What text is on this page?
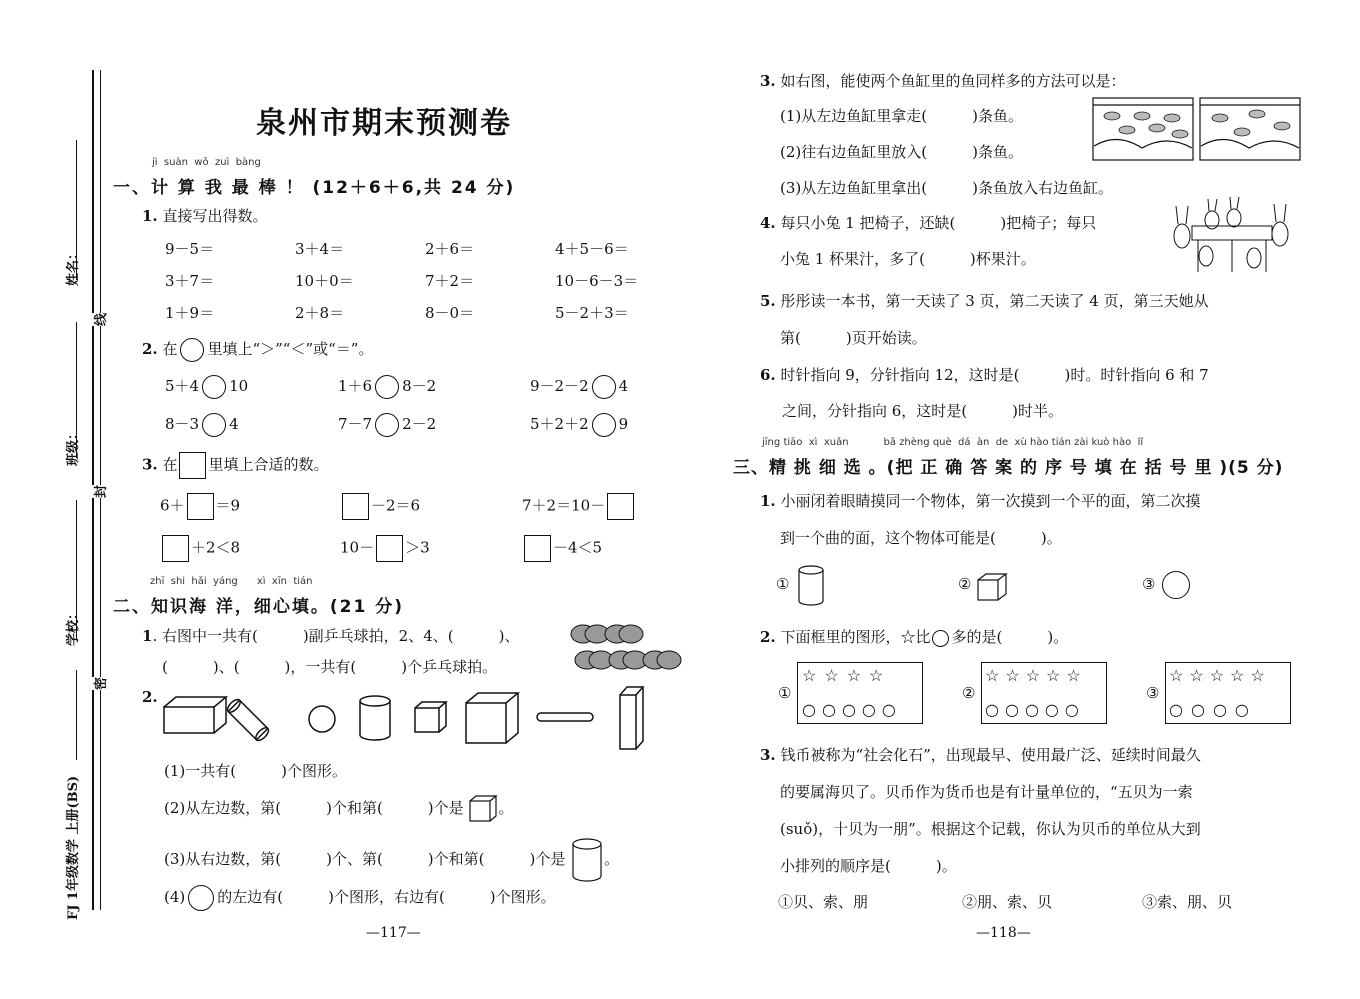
姓名：
线
班级：
封
学校：
密
FJ 1年级数学 上册(BS)
泉州市期末预测卷
jì suàn wǒ zuì bàng
一、计 算 我 最 棒 ！ (12＋6＋6,共 24 分)
1. 直接写出得数。
9－5＝	3＋4＝	2＋6＝	4＋5－6＝
3＋7＝	10＋0＝	7＋2＝	10－6－3＝
1＋9＝	2＋8＝	8－0＝	5－2＋3＝
2. 在 里填上“＞”“＜”或“＝”。
5＋4 10	1＋6 8－2	9－2－2 4
8－3 4	7－7 2－2	5＋2＋2 9
3. 在 里填上合适的数。
6＋ ＝9	－2＝6	7＋2＝10－
＋2＜8	10－ ＞3	－4＜5
zhī shi hǎi yáng xì xīn tián
二、知识海 洋，细心填。(21 分)
1. 右图中一共有(　　　)副乒乓球拍，2、4、(　　　)、
(　　　)、(　　　)，一共有(　　　)个乒乓球拍。
2.
(1)一共有(　　　)个图形。
(2)从左边数，第(　　　)个和第(　　　)个是 。
(3)从右边数，第(　　　)个、第(　　　)个和第(　　　)个是	。
(4) 的左边有(　　　)个图形，右边有(　　　)个图形。
—117—
3. 如右图，能使两个鱼缸里的鱼同样多的方法可以是：
(1)从左边鱼缸里拿走(　　　)条鱼。
(2)往右边鱼缸里放入(　　　)条鱼。
(3)从左边鱼缸里拿出(　　　)条鱼放入右边鱼缸。
4. 每只小兔 1 把椅子，还缺(　　　)把椅子；每只
小兔 1 杯果汁，多了(　　　)杯果汁。
5. 彤彤读一本书，第一天读了 3 页，第二天读了 4 页，第三天她从
第(　　　)页开始读。
6. 时针指向 9，分针指向 12，这时是(　　　)时。时针指向 6 和 7
之间，分针指向 6，这时是(　　　)时半。
jīng tiāo xì xuǎn	bǎ zhèng què dá àn de xù hào tián zài kuò hào lǐ
三、精 挑 细 选 。(把 正 确 答 案 的 序 号 填 在 括 号 里 )(5 分)
1. 小丽闭着眼睛摸同一个物体，第一次摸到一个平的面，第二次摸
到一个曲的面，这个物体可能是(　　　)。
①	②	③
2. 下面框里的图形，☆比 多的是(　　　)。
①
☆☆☆☆
○○○○○
②
☆☆☆☆☆
○○○○○
③
☆☆☆☆☆
○○○○
3. 钱币被称为“社会化石”，出现最早、使用最广泛、延续时间最久
的要属海贝了。贝币作为货币也是有计量单位的，“五贝为一索
(suǒ)，十贝为一朋”。根据这个记载，你认为贝币的单位从大到
小排列的顺序是(　　　)。
①贝、索、朋	②朋、索、贝	③索、朋、贝
—118—
